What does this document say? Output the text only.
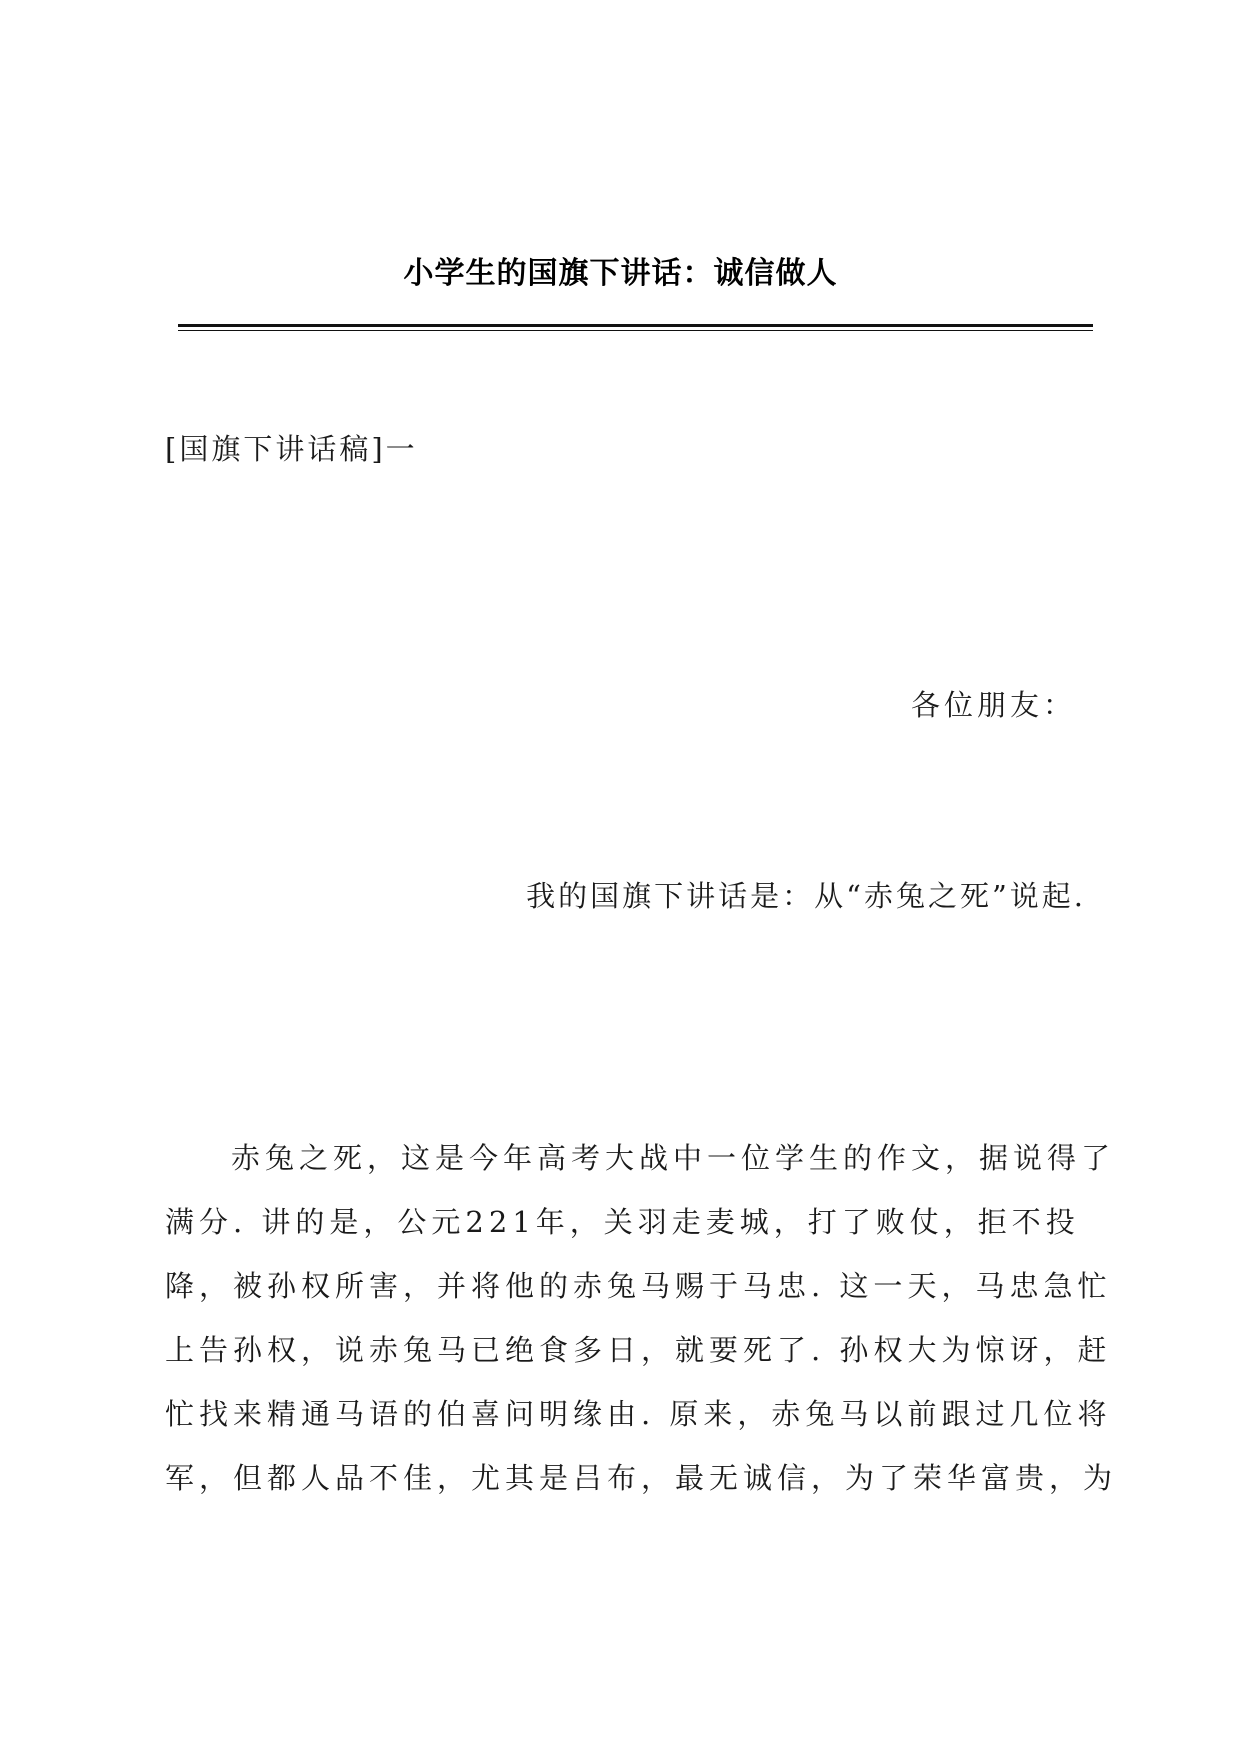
小学生的国旗下讲话：诚信做人
[国旗下讲话稿]一
各位朋友：
我的国旗下讲话是：从“赤兔之死”说起.
赤兔之死，这是今年高考大战中一位学生的作文，据说得了
满分. 讲的是，公元221年，关羽走麦城，打了败仗，拒不投
降，被孙权所害，并将他的赤兔马赐于马忠. 这一天，马忠急忙
上告孙权，说赤兔马已绝食多日，就要死了. 孙权大为惊讶，赶
忙找来精通马语的伯喜问明缘由. 原来，赤兔马以前跟过几位将
军，但都人品不佳，尤其是吕布，最无诚信，为了荣华富贵，为
